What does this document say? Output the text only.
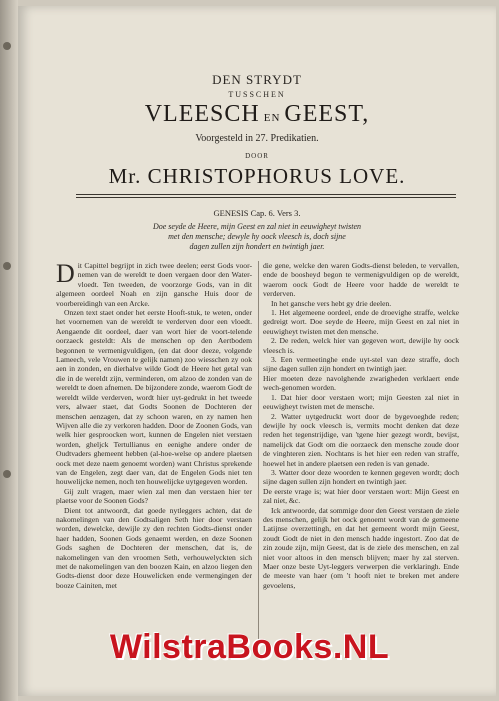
DEN STRYDT
TUSSCHEN
VLEESCH EN GEEST,
Voorgesteld in 27. Predikatien.
DOOR
Mr. CHRISTOPHORUS LOVE.
GENESIS Cap. 6. Vers 3.
Doe seyde de Heere, mijn Geest en zal niet in eeuwigheyt twisten
met den mensche; dewyle hy oock vleesch is, doch sijne
dagen zullen zijn hondert en twintigh jaer.
D it Capittel begrijpt in zich twee deelen; eerst Gods voor-nemen van de wereldt te doen vergaen door den Water-vloedt. Ten tweeden, de voorzorge Gods, van in dit algemeen oordeel Noah en zijn gansche Huis door de voorbereidingh van een Arcke.

Onzen text staet onder het eerste Hooft-stuk, te weten, onder het voornemen van de wereldt te verderven door een vloedt. Aengaende dit oordeel, daer van wort hier de voort-telende oorzaeck gesteldt: Als de menschen op den Aertbodem begonnen te vermenigvuldigen, (en dat door deeze, volgende Lameech, vele Vrouwen te gelijk namen) zoo wiesschen zy ook aen in zonden, en dierhalve wilde Godt de Heere het getal van die in de wereldt zijn, verminderen, om alzoo de zonden van de wereldt te doen afnemen. De bijzondere zonde, waerom Godt de wereldt wilde verderven, wordt hier uyt-gedrukt in het tweede vers, alwaer staet, dat Godts Soonen de Dochteren der menschen aenzagen, dat zy schoon waren, en zy namen hen Wijven alle die zy verkoren hadden. Door de Zoonen Gods, van welk hier gesproocken wort, kunnen de Engelen niet verstaen worden, gheljck Tertullianus en eenighe andere onder de Oudtvaders ghemeent hebben (al-hoe-welse op andere plaetsen oock met deze naem genoemt worden) want Christus sprekende van de Engelen, zegt daer van, dat de Engelen Gods niet ten houwelijcke nemen, noch ten houwelijcke uytgegeven worden.

Gij zult vragen, maer wien zal men dan verstaen hier ter plaetse voor de Soonen Gods?

Dient tot antwoordt, dat goede nytleggers achten, dat de nakomelingen van den Godtsaligen Seth hier door verstaen worden, dewelcke, dewijle zy den rechten Godts-dienst onder haer hadden, Soonen Gods genaemt werden, en deze Soonen Gods saghen de Dochteren der menschen, dat is, de nakomelingen van den vroomen Seth, verhouwelyckten sich met de nakomelingen van den boozen Kain, en alzoo liegen den Godts-dienst door deze Houwelicken ende vermengingen der booze Cainiten, met

die gene, welcke den waren Godts-dienst beleden, te vervallen, ende de boosheyd begon te vermenigvuldigen op de wereldt, waerom oock Godt de Heere voor hadde de wereldt te verderven.

In het gansche vers hebt gy drie deelen.

1. Het algemeene oordeel, ende de droevighe straffe, welcke gedreigt wort. Doe seyde de Heere, mijn Geest en zal niet in eeuwigheyt twisten met den mensche.

2. De reden, welck hier van gegeven wort, dewijle hy oock vleesch is.

3. Een vermeetinghe ende uyt-stel van deze straffe, doch sijne dagen sullen zijn hondert en twintigh jaer.

Hier moeten deze navolghende zwarigheden verklaert ende wech-genomen worden.

1. Dat hier door verstaen wort; mijn Geesten zal niet in eeuwigheyt twisten met de mensche.

2. Watter uytgedruckt wort door de bygevoeghde reden; dewijle hy oock vleesch is, vermits mocht denken dat deze reden het tegenstrijdige, van 'tgene hier gezegt wordt, bevijst, namelijck dat Godt om die oorzaeck den mensche zoude door de vinghteren zien. Nochtans is het hier een reden van straffe, hoewel het in andere plaetsen een reden is van genade.

3. Watter door deze woorden te kennen gegeven wordt; doch sijne dagen sullen zijn hondert en twintigh jaer.

De eerste vrage is; wat hier door verstaen wort: Mijn Geest en zal niet, &c.

Ick antwoorde, dat sommige door den Geest verstaen de ziele des menschen, gelijk het oock genoemt wordt van de gemeene Latijnse overzettingh, en dat het gemeent wordt mijn Geest, zoudt Godt de niet in den mensch hadde ingestort. Zoo dat de zin zoude zijn, mijn Geest, dat is de ziele des menschen, en zal niet voor altoos in den mensch blijven; maer hy zal sterven. Maer onze beste Uyt-leggers verwerpen die verklaringh. Ende de meeste van haer (om 't hooft niet te breken met andere gevoelens,

WilstraBooks.NL
